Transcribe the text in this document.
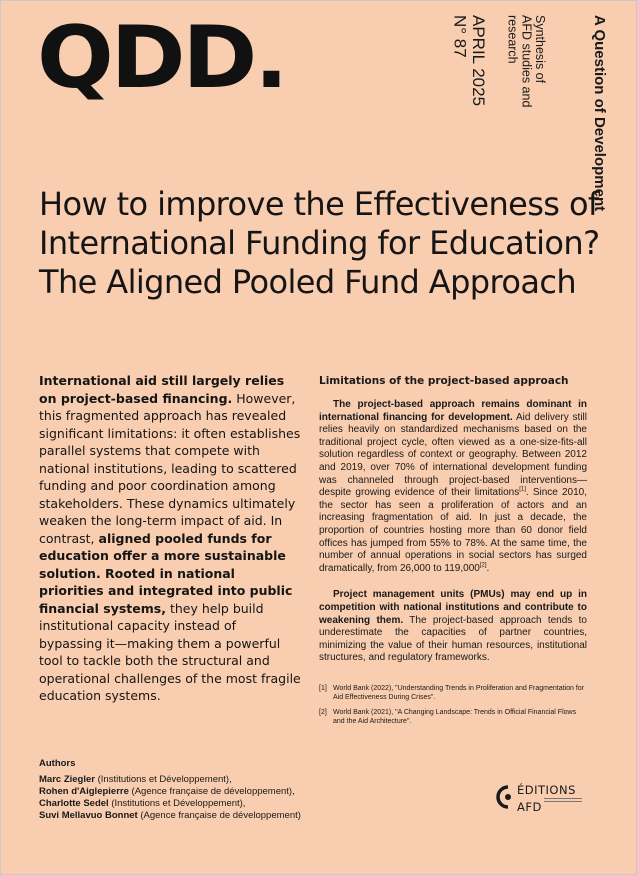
QDD.	A Question of Development
Synthesis of
AFD studies and
research
APRIL 2025
N° 87
How to improve the Effectiveness of International Funding for Education? The Aligned Pooled Fund Approach
International aid still largely relies on project-based financing. However, this fragmented approach has revealed significant limitations: it often establishes parallel systems that compete with national institutions, leading to scattered funding and poor coordination among stakeholders. These dynamics ultimately weaken the long-term impact of aid. In contrast, aligned pooled funds for education offer a more sustainable solution. Rooted in national priorities and integrated into public financial systems, they help build institutional capacity instead of bypassing it—making them a powerful tool to tackle both the structural and operational challenges of the most fragile education systems.
Limitations of the project-based approach

The project-based approach remains dominant in international financing for development. Aid delivery still relies heavily on standardized mechanisms based on the traditional project cycle, often viewed as a one-size-fits-all solution regardless of context or geography. Between 2012 and 2019, over 70% of international development funding was channeled through project-based interventions—despite growing evidence of their limitations[1]. Since 2010, the sector has seen a proliferation of actors and an increasing fragmentation of aid. In just a decade, the proportion of countries hosting more than 60 donor field offices has jumped from 55% to 78%. At the same time, the number of annual operations in social sectors has surged dramatically, from 26,000 to 119,000[2].

Project management units (PMUs) may end up in competition with national institutions and contribute to weakening them. The project-based approach tends to underestimate the capacities of partner countries, minimizing the value of their human resources, institutional structures, and regulatory frameworks.

[1] World Bank (2022), "Understanding Trends in Proliferation and Fragmentation for Aid Effectiveness During Crises".
[2] World Bank (2021), "A Changing Landscape: Trends in Official Financial Flows and the Aid Architecture".
Authors
Marc Ziegler (Institutions et Développement),
Rohen d'Aiglepierre (Agence française de développement),
Charlotte Sedel (Institutions et Développement),
Suvi Mellavuo Bonnet (Agence française de développement)
ÉDITIONS
AFD
